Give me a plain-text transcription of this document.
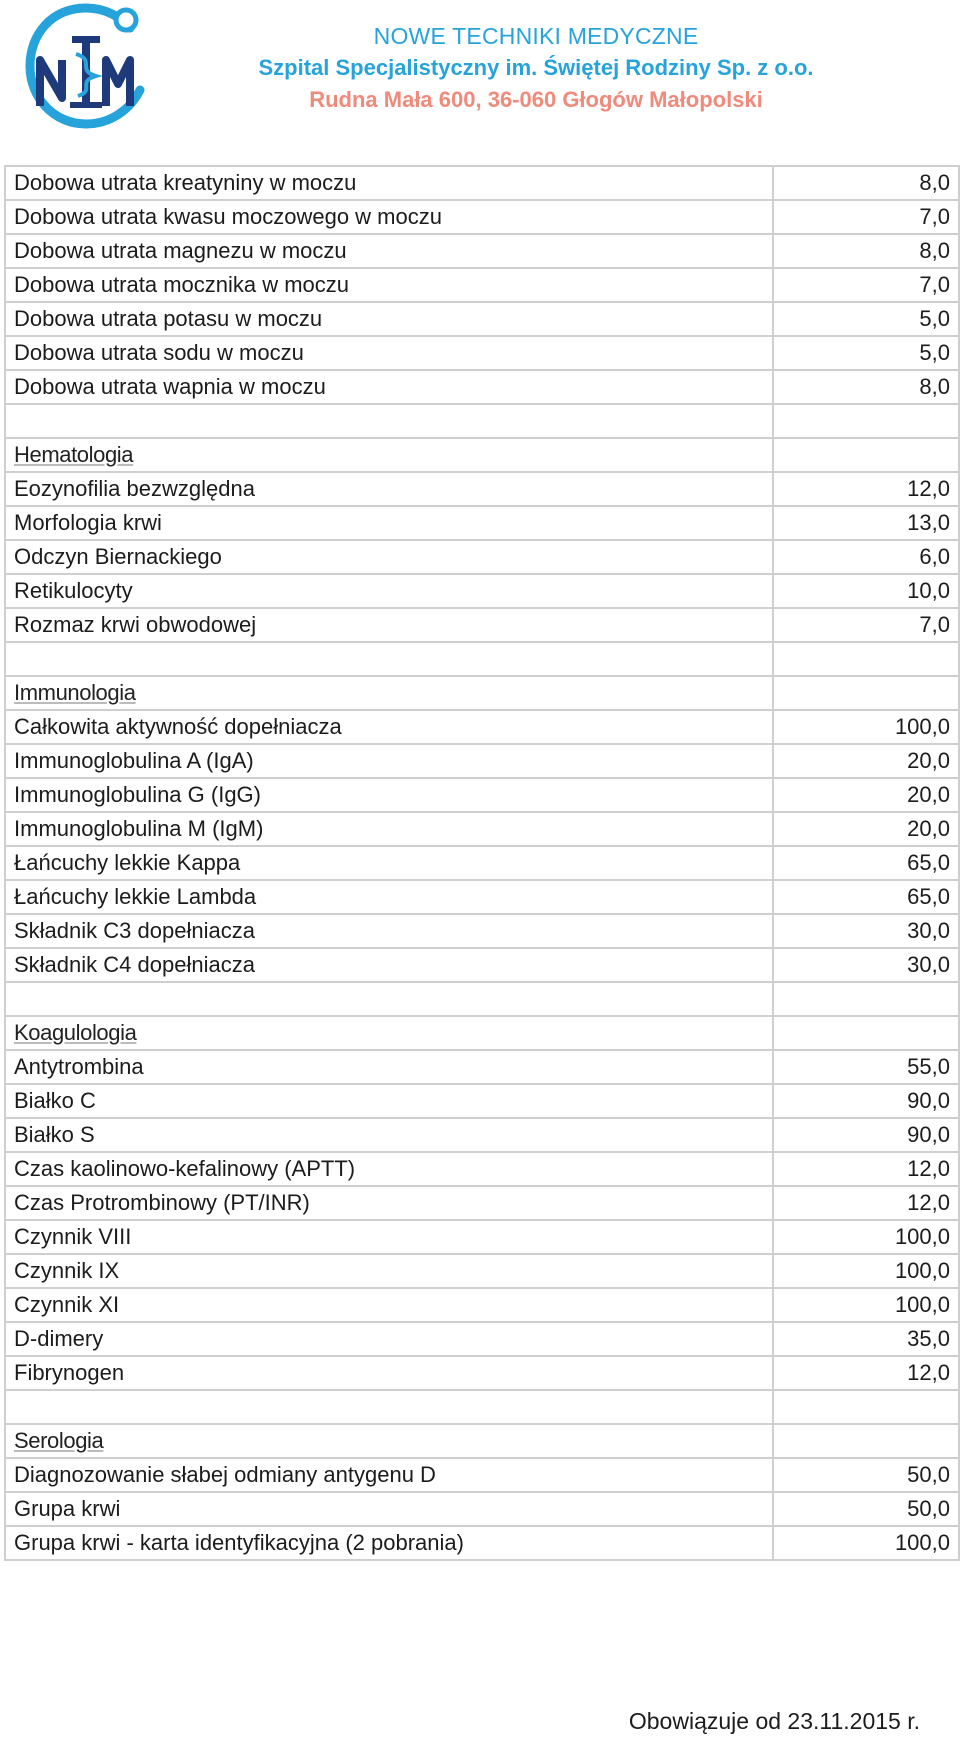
NOWE TECHNIKI MEDYCZNE
Szpital Specjalistyczny im. Świętej Rodziny Sp. z o.o.
Rudna Mała 600, 36-060 Głogów Małopolski
Dobowa utrata kreatyniny w moczu	8,0
Dobowa utrata kwasu moczowego w moczu	7,0
Dobowa utrata magnezu w moczu	8,0
Dobowa utrata mocznika w moczu	7,0
Dobowa utrata potasu w moczu	5,0
Dobowa utrata sodu w moczu	5,0
Dobowa utrata wapnia w moczu	8,0

Hematologia	
Eozynofilia bezwzględna	12,0
Morfologia krwi	13,0
Odczyn Biernackiego	6,0
Retikulocyty	10,0
Rozmaz krwi obwodowej	7,0

Immunologia	
Całkowita aktywność dopełniacza	100,0
Immunoglobulina A (IgA)	20,0
Immunoglobulina G (IgG)	20,0
Immunoglobulina M (IgM)	20,0
Łańcuchy lekkie Kappa	65,0
Łańcuchy lekkie Lambda	65,0
Składnik C3 dopełniacza	30,0
Składnik C4 dopełniacza	30,0

Koagulologia	
Antytrombina	55,0
Białko C	90,0
Białko S	90,0
Czas kaolinowo-kefalinowy (APTT)	12,0
Czas Protrombinowy (PT/INR)	12,0
Czynnik VIII	100,0
Czynnik IX	100,0
Czynnik XI	100,0
D-dimery	35,0
Fibrynogen	12,0

Serologia	
Diagnozowanie słabej odmiany antygenu D	50,0
Grupa krwi	50,0
Grupa krwi - karta identyfikacyjna (2 pobrania)	100,0
Obowiązuje od 23.11.2015 r.
